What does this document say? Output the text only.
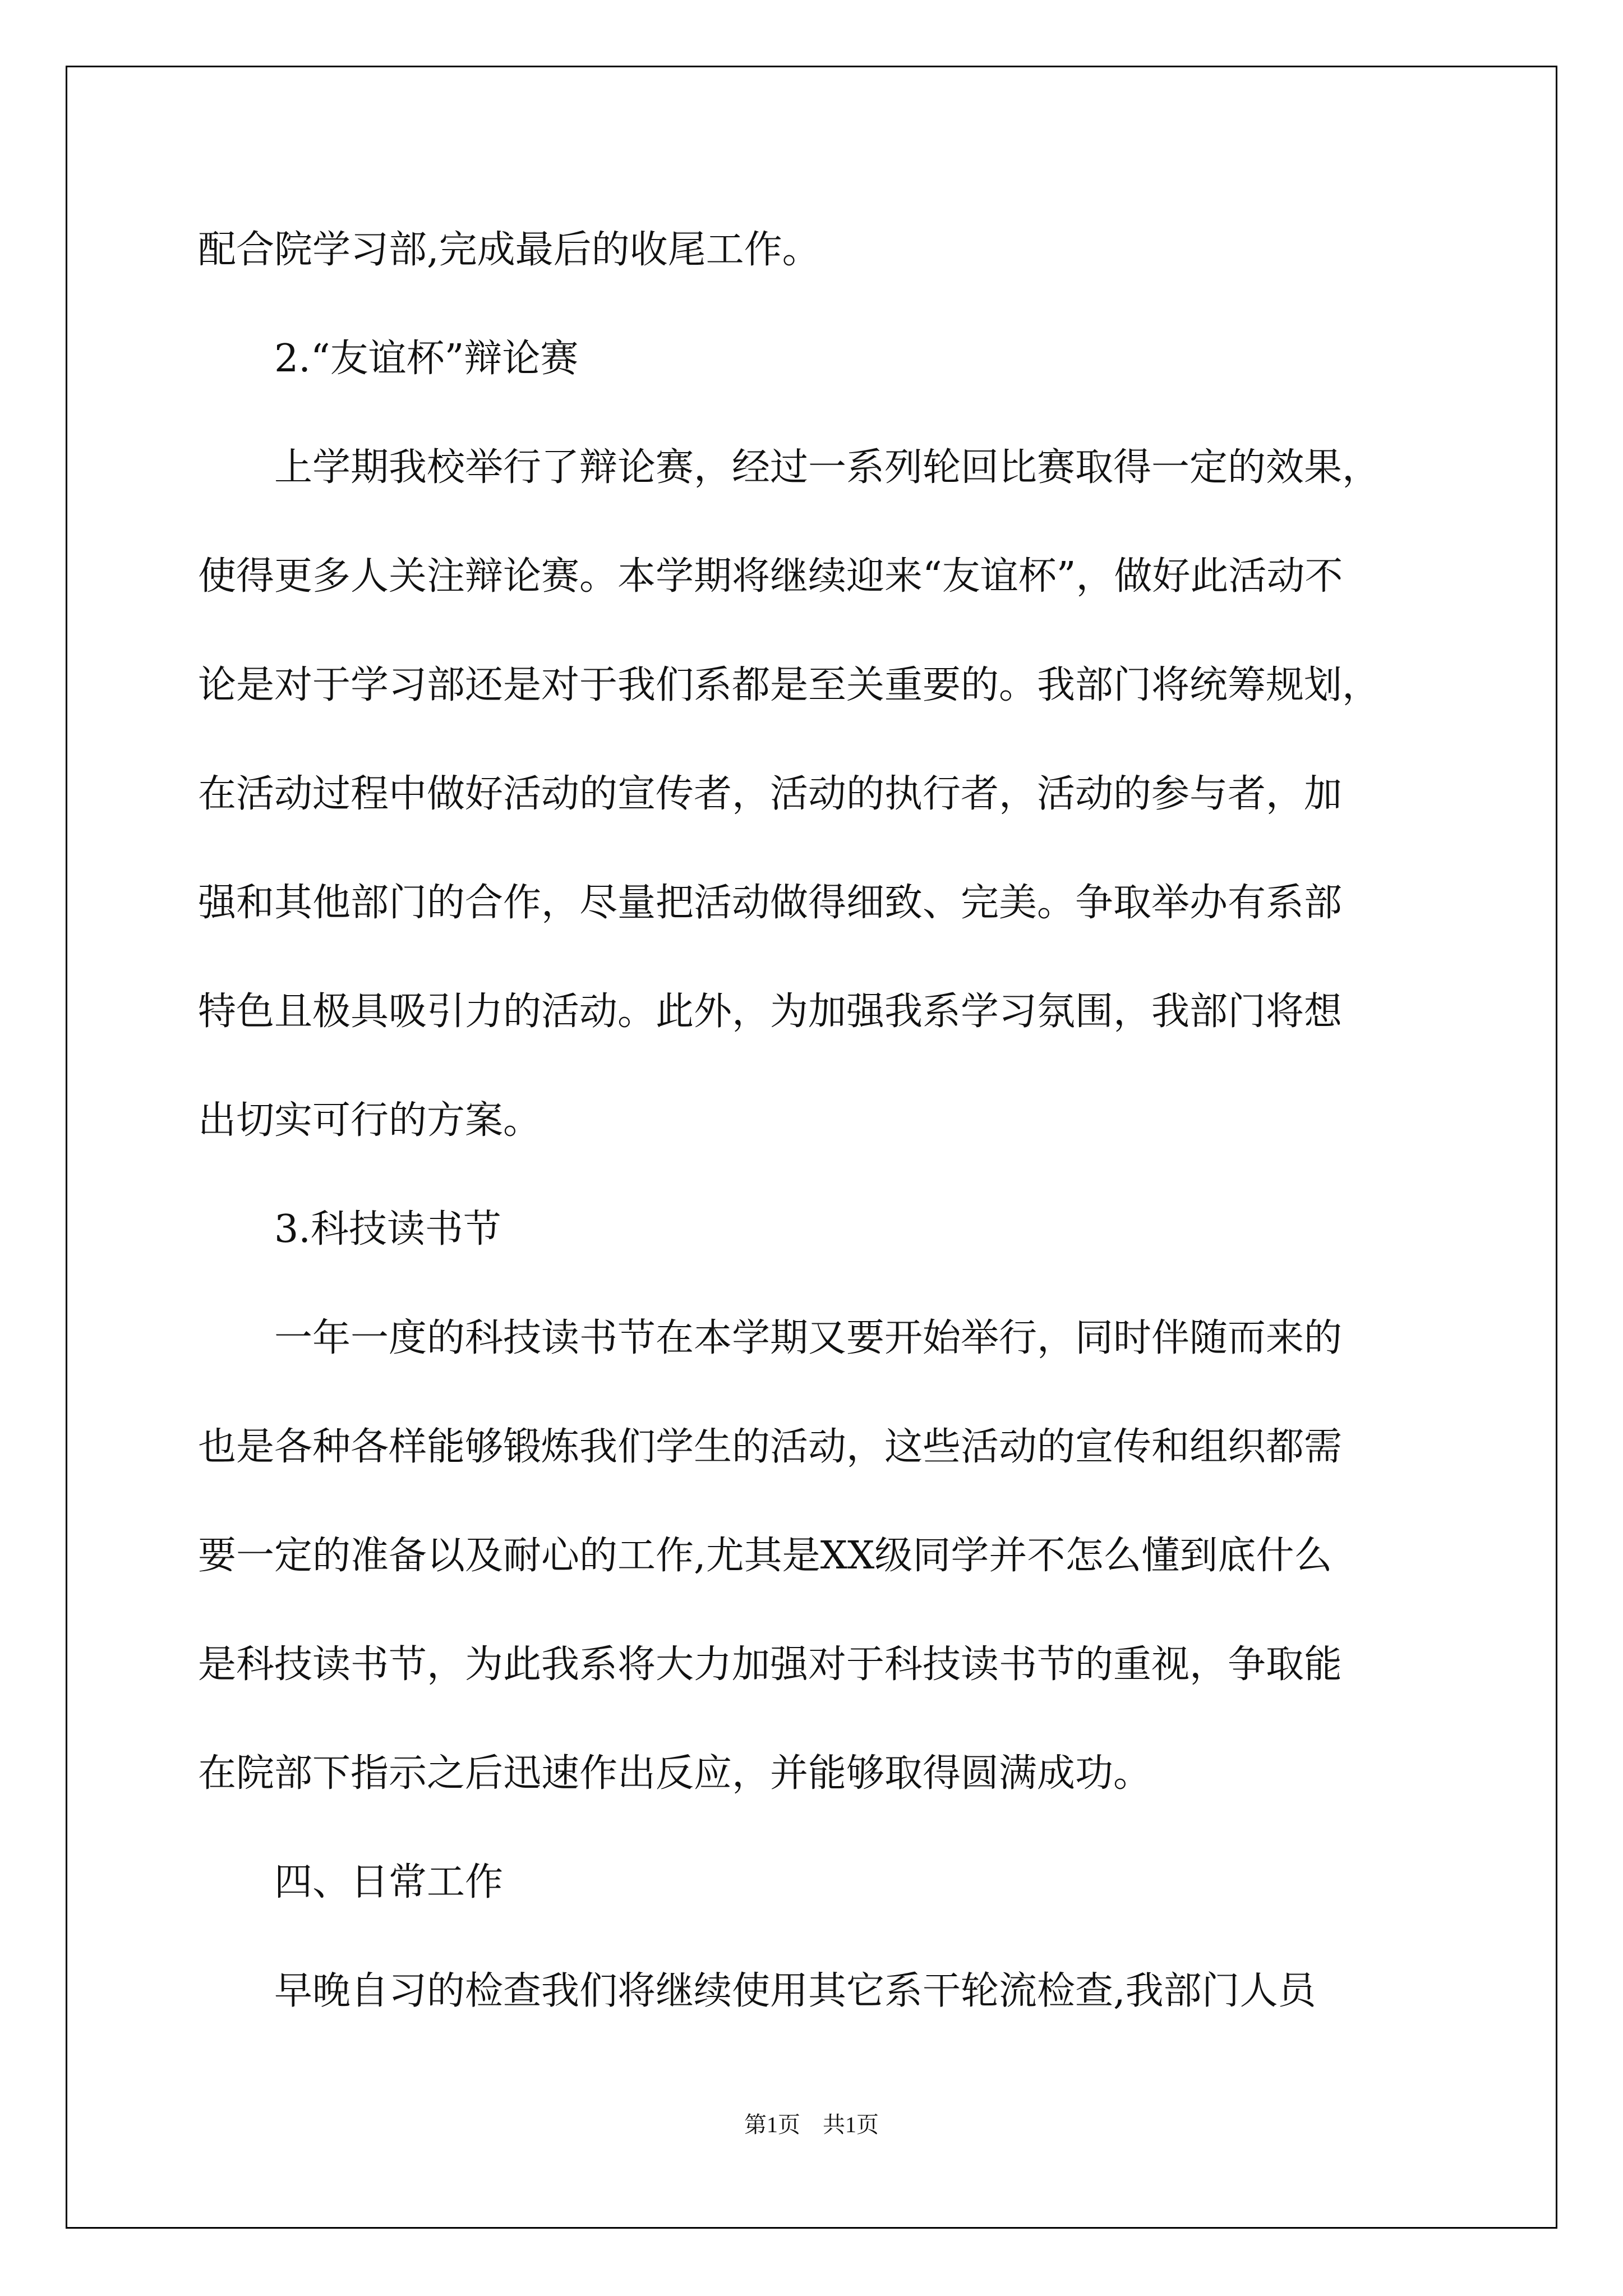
配合院学习部,完成最后的收尾工作。
　　2.“友谊杯”辩论赛
　　上学期我校举行了辩论赛，经过一系列轮回比赛取得一定的效果，
使得更多人关注辩论赛。本学期将继续迎来“友谊杯”，做好此活动不
论是对于学习部还是对于我们系都是至关重要的。我部门将统筹规划，
在活动过程中做好活动的宣传者，活动的执行者，活动的参与者，加
强和其他部门的合作，尽量把活动做得细致、完美。争取举办有系部
特色且极具吸引力的活动。此外，为加强我系学习氛围，我部门将想
出切实可行的方案。
　　3.科技读书节
　　一年一度的科技读书节在本学期又要开始举行，同时伴随而来的
也是各种各样能够锻炼我们学生的活动，这些活动的宣传和组织都需
要一定的准备以及耐心的工作,尤其是XX级同学并不怎么懂到底什么
是科技读书节，为此我系将大力加强对于科技读书节的重视，争取能
在院部下指示之后迅速作出反应，并能够取得圆满成功。
　　四、日常工作
　　早晚自习的检查我们将继续使用其它系干轮流检查,我部门人员
第1页 共1页
